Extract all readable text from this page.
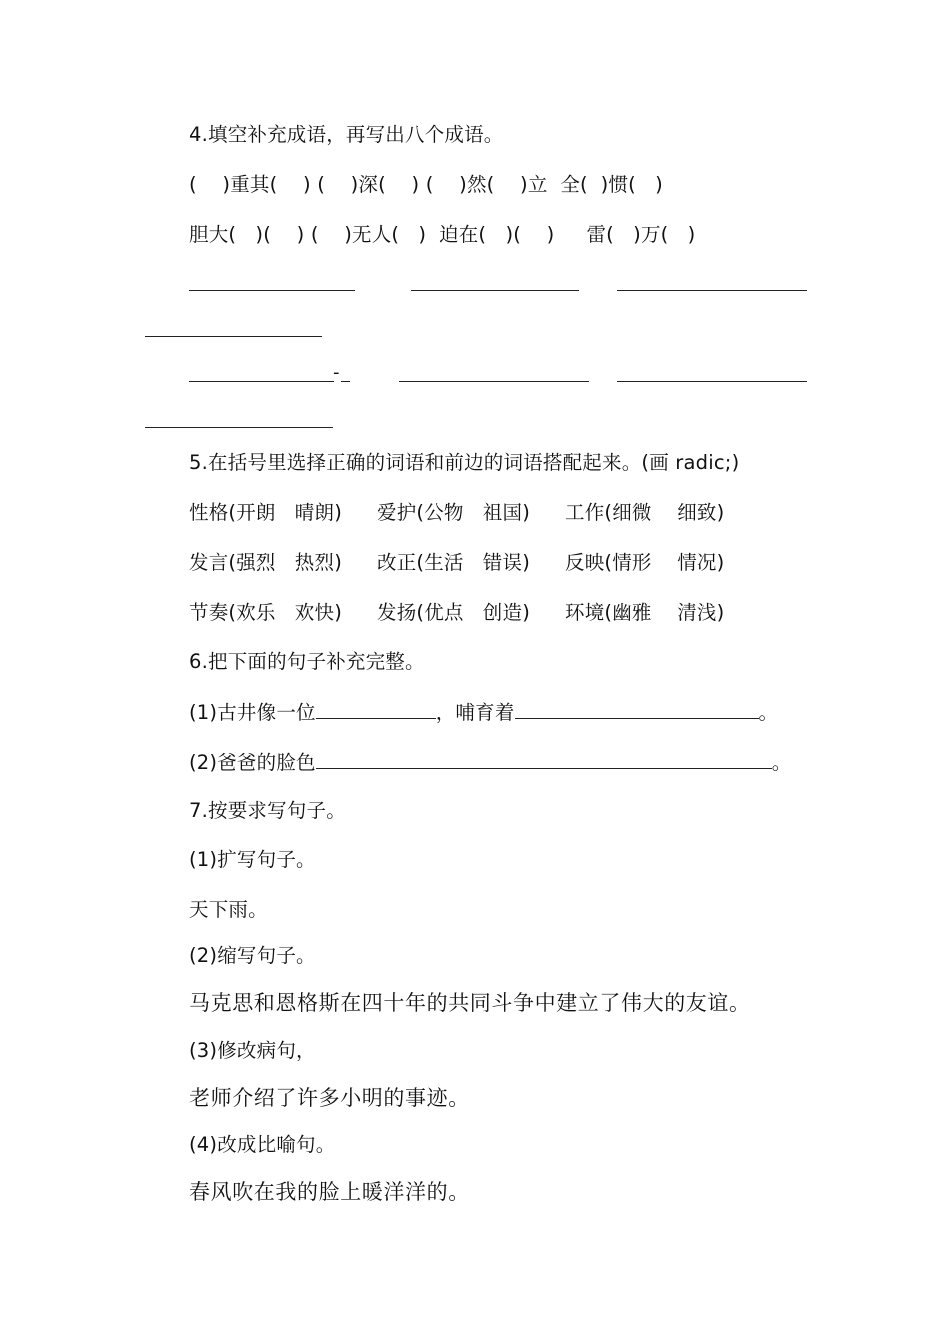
4.填空补充成语，再写出八个成语。
(    )重其(    ) (    )深(    ) (    )然(    )立  全(  )惯(   )
胆大(   )(    ) (    )无人(   )  迫在(   )(    )     雷(   )万(   )
-
5.在括号里选择正确的词语和前边的词语搭配起来。(画 radic;)
性格(开朗   晴朗) 爱护(公物   祖国) 工作(细微    细致)
发言(强烈   热烈) 改正(生活   错误) 反映(情形    情况)
节奏(欢乐   欢快) 发扬(优点   创造) 环境(幽雅    清浅)
6.把下面的句子补充完整。
(1)古井像一位	，哺育着	。
(2)爸爸的脸色	。
7.按要求写句子。
(1)扩写句子。
天下雨。
(2)缩写句子。
马克思和恩格斯在四十年的共同斗争中建立了伟大的友谊。
(3)修改病句，
老师介绍了许多小明的事迹。
(4)改成比喻句。
春风吹在我的脸上暖洋洋的。
